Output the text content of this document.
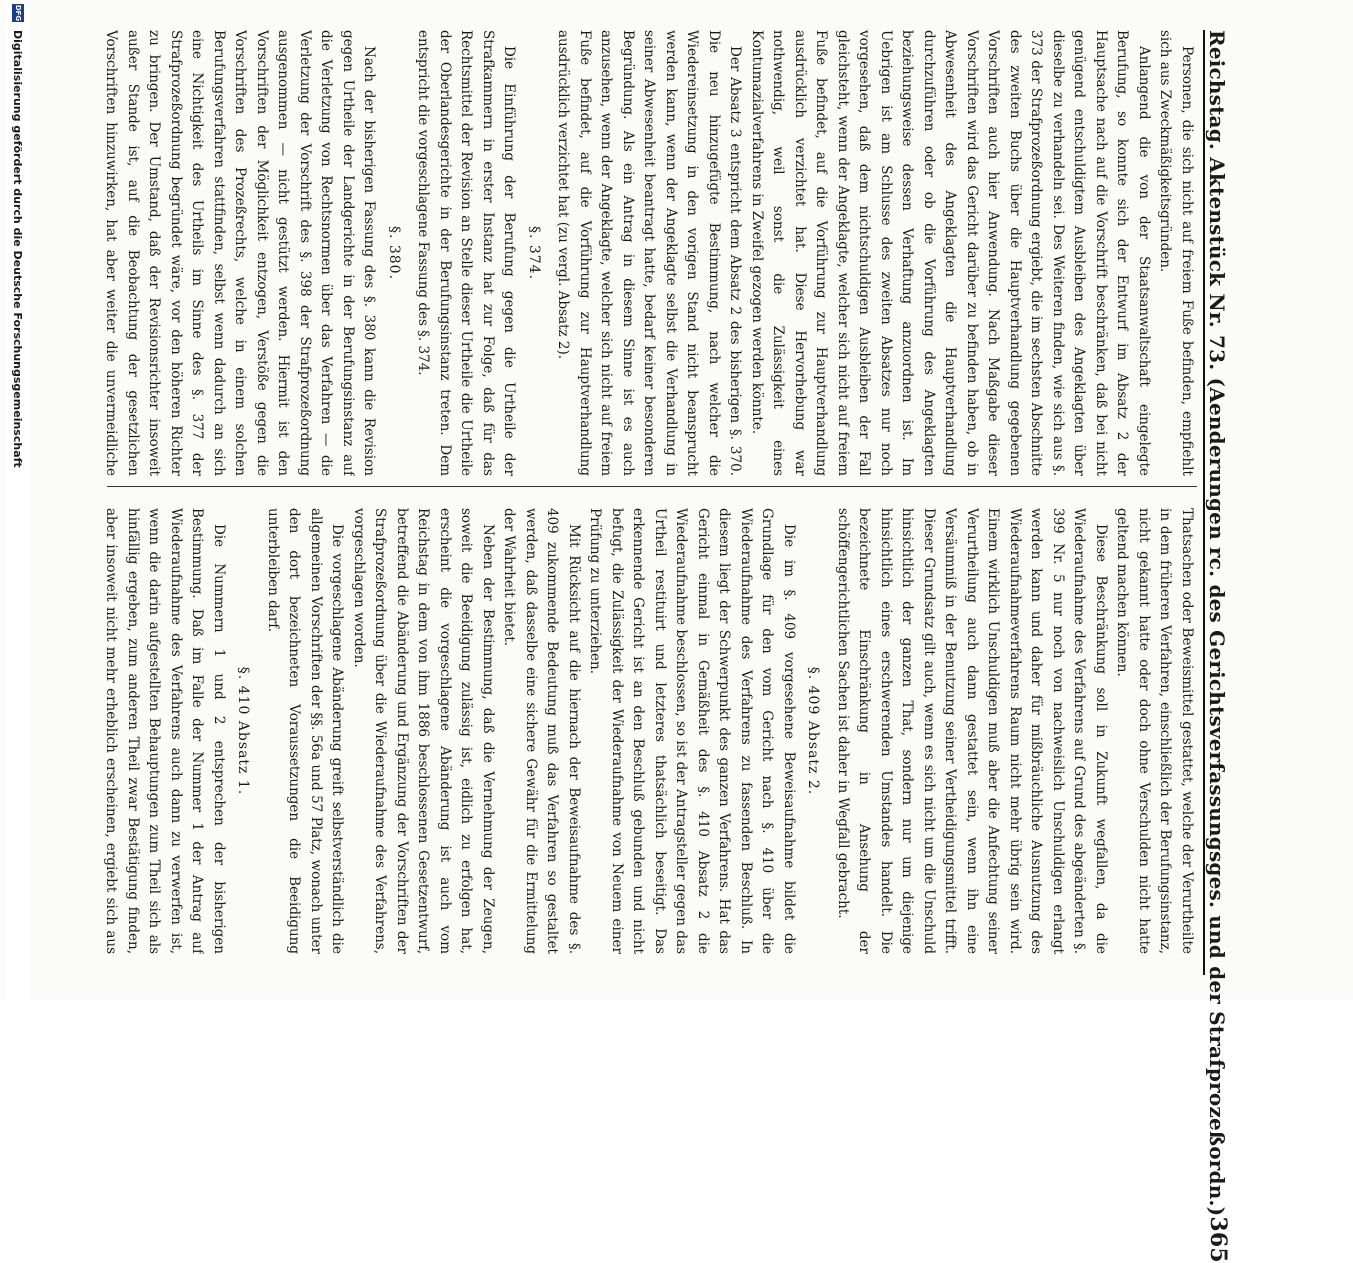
Reichstag. Aktenstück Nr. 73. (Aenderungen rc. des Gerichtsverfassungsges. und der Strafprozeßordn.)
365

Personen, die sich nicht auf freiem Fuße befinden, empfiehlt sich aus Zweckmäßigkeitsgründen.

Anlangend die von der Staatsanwaltschaft eingelegte Berufung, so konnte sich der Entwurf im Absatz 2 der Hauptsache nach auf die Vorschrift beschränken, daß bei nicht genügend entschuldigtem Ausbleiben des Angeklagten über dieselbe zu verhandeln sei. Des Weiteren finden, wie sich aus §. 373 der Strafprozeßordnung ergiebt, die im sechsten Abschnitte des zweiten Buchs über die Hauptverhandlung gegebenen Vorschriften auch hier Anwendung. Nach Maßgabe dieser Vorschriften wird das Gericht darüber zu befinden haben, ob in Abwesenheit des Angeklagten die Hauptverhandlung durchzuführen oder ob die Vorführung des Angeklagten beziehungsweise dessen Verhaftung anzuordnen ist. Im Uebrigen ist am Schlusse des zweiten Absatzes nur noch vorgesehen, daß dem nichtschuldigen Ausbleiben der Fall gleichsteht, wenn der Angeklagte, welcher sich nicht auf freiem Fuße befindet, auf die Vorführung zur Hauptverhandlung ausdrücklich verzichtet hat. Diese Hervorhebung war nothwendig, weil sonst die Zulässigkeit eines Kontumazialverfahrens in Zweifel gezogen werden könnte.

Der Absatz 3 entspricht dem Absatz 2 des bisherigen §. 370. Die neu hinzugefügte Bestimmung, nach welcher die Wiedereinsetzung in den vorigen Stand nicht beansprucht werden kann, wenn der Angeklagte selbst die Verhandlung in seiner Abwesenheit beantragt hatte, bedarf keiner besonderen Begründung. Als ein Antrag in diesem Sinne ist es auch anzusehen, wenn der Angeklagte, welcher sich nicht auf freiem Fuße befindet, auf die Vorführung zur Hauptverhandlung ausdrücklich verzichtet hat (zu vergl. Absatz 2).

§. 374.

Die Einführung der Berufung gegen die Urtheile der Strafkammern in erster Instanz hat zur Folge, daß für das Rechtsmittel der Revision an Stelle dieser Urtheile die Urtheile der Oberlandesgerichte in der Berufungsinstanz treten. Dem entspricht die vorgeschlagene Fassung des §. 374.

§. 380.

Nach der bisherigen Fassung des §. 380 kann die Revision gegen Urtheile der Landgerichte in der Berufungsinstanz auf die Verletzung von Rechtsnormen über das Verfahren — die Verletzung der Vorschrift des §. 398 der Strafprozeßordnung ausgenommen — nicht gestützt werden. Hiermit ist den Vorschriften der Möglichkeit entzogen, Verstöße gegen die Vorschriften des Prozeßrechts, welche in einem solchen Berufungsverfahren stattfinden, selbst wenn dadurch an sich eine Nichtigkeit des Urtheils im Sinne des §. 377 der Strafprozeßordnung begründet wäre, vor den höheren Richter zu bringen. Der Umstand, daß der Revisionsrichter insoweit außer Stande ist, auf die Beobachtung der gesetzlichen Vorschriften hinzuwirken, hat aber weiter die unvermeidliche

Thatsachen oder Beweismittel gestattet, welche der Verurtheilte in dem früheren Verfahren, einschließlich der Berufungsinstanz, nicht gekannt hatte oder doch ohne Verschulden nicht hatte geltend machen können.

Diese Beschränkung soll in Zukunft wegfallen, da die Wiederaufnahme des Verfahrens auf Grund des abgeänderten §. 399 Nr. 5 nur noch von nachweislich Unschuldigen erlangt werden kann und daher für mißbräuchliche Ausnutzung des Wiederaufnahmeverfahrens Raum nicht mehr übrig sein wird. Einem wirklich Unschuldigen muß aber die Anfechtung seiner Verurtheilung auch dann gestattet sein, wenn ihn eine Versäumniß in der Benutzung seiner Vertheidigungsmittel trifft. Dieser Grundsatz gilt auch, wenn es sich nicht um die Unschuld hinsichtlich der ganzen That, sondern nur um diejenige hinsichtlich eines erschwerenden Umstandes handelt. Die bezeichnete Einschränkung in Ansehung der schöffengerichtlichen Sachen ist daher in Wegfall gebracht.

§. 409 Absatz 2.

Die im §. 409 vorgesehene Beweisaufnahme bildet die Grundlage für den vom Gericht nach §. 410 über die Wiederaufnahme des Verfahrens zu fassenden Beschluß. In diesem liegt der Schwerpunkt des ganzen Verfahrens. Hat das Gericht einmal in Gemäßheit des §. 410 Absatz 2 die Wiederaufnahme beschlossen, so ist der Antragsteller gegen das Urtheil restituirt und letzteres thatsächlich beseitigt. Das erkennende Gericht ist an den Beschluß gebunden und nicht befugt, die Zulässigkeit der Wiederaufnahme von Neuem einer Prüfung zu unterziehen.

Mit Rücksicht auf die hiernach der Beweisaufnahme des §. 409 zukommende Bedeutung muß das Verfahren so gestaltet werden, daß dasselbe eine sichere Gewähr für die Ermittelung der Wahrheit bietet.

Neben der Bestimmung, daß die Vernehmung der Zeugen, soweit die Beeidigung zulässig ist, eidlich zu erfolgen hat, erscheint die vorgeschlagene Abänderung ist auch vom Reichstag in dem von ihm 1886 beschlossenen Gesetzentwurf, betreffend die Abänderung und Ergänzung der Vorschriften der Strafprozeßordnung über die Wiederaufnahme des Verfahrens, vorgeschlagen worden.

Die vorgeschlagene Abänderung greift selbstverständlich die allgemeinen Vorschriften der §§. 56a und 57 Platz, wonach unter den dort bezeichneten Voraussetzungen die Beeidigung unterbleiben darf.

§. 410 Absatz 1.

Die Nummern 1 und 2 entsprechen der bisherigen Bestimmung. Daß im Falle der Nummer 1 der Antrag auf Wiederaufnahme des Verfahrens auch dann zu verwerfen ist, wenn die darin aufgestellten Behauptungen zum Theil sich als hinfällig ergeben, zum anderen Theil zwar Bestätigung finden, aber insoweit nicht mehr erheblich erscheinen, ergiebt sich aus

DFG
Digitalisierung gefördert durch die Deutsche Forschungsgemeinschaft
